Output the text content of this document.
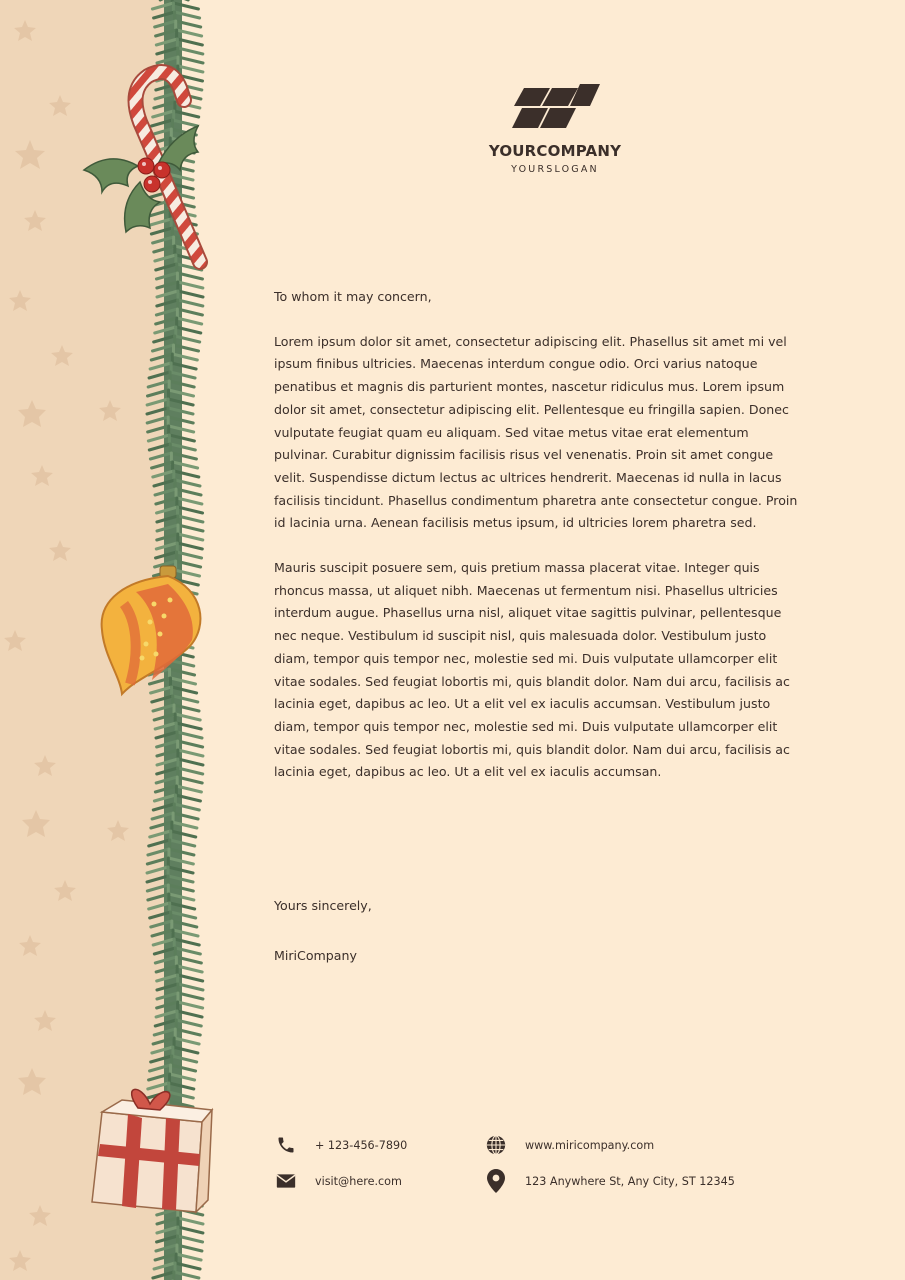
YOURCOMPANY
YOURSLOGAN

To whom it may concern,

Lorem ipsum dolor sit amet, consectetur adipiscing elit. Phasellus sit amet mi vel ipsum finibus ultricies. Maecenas interdum congue odio. Orci varius natoque penatibus et magnis dis parturient montes, nascetur ridiculus mus. Lorem ipsum dolor sit amet, consectetur adipiscing elit. Pellentesque eu fringilla sapien. Donec vulputate feugiat quam eu aliquam. Sed vitae metus vitae erat elementum pulvinar. Curabitur dignissim facilisis risus vel venenatis. Proin sit amet congue velit. Suspendisse dictum lectus ac ultrices hendrerit. Maecenas id nulla in lacus facilisis tincidunt. Phasellus condimentum pharetra ante consectetur congue. Proin id lacinia urna. Aenean facilisis metus ipsum, id ultricies lorem pharetra sed.

Mauris suscipit posuere sem, quis pretium massa placerat vitae. Integer quis rhoncus massa, ut aliquet nibh. Maecenas ut fermentum nisi. Phasellus ultricies interdum augue. Phasellus urna nisl, aliquet vitae sagittis pulvinar, pellentesque nec neque. Vestibulum id suscipit nisl, quis malesuada dolor. Vestibulum justo diam, tempor quis tempor nec, molestie sed mi. Duis vulputate ullamcorper elit vitae sodales. Sed feugiat lobortis mi, quis blandit dolor. Nam dui arcu, facilisis ac lacinia eget, dapibus ac leo. Ut a elit vel ex iaculis accumsan. Vestibulum justo diam, tempor quis tempor nec, molestie sed mi. Duis vulputate ullamcorper elit vitae sodales. Sed feugiat lobortis mi, quis blandit dolor. Nam dui arcu, facilisis ac lacinia eget, dapibus ac leo. Ut a elit vel ex iaculis accumsan.

Yours sincerely,
MiriCompany
+ 123-456-7890
visit@here.com
www.miricompany.com
123 Anywhere St, Any City, ST 12345
